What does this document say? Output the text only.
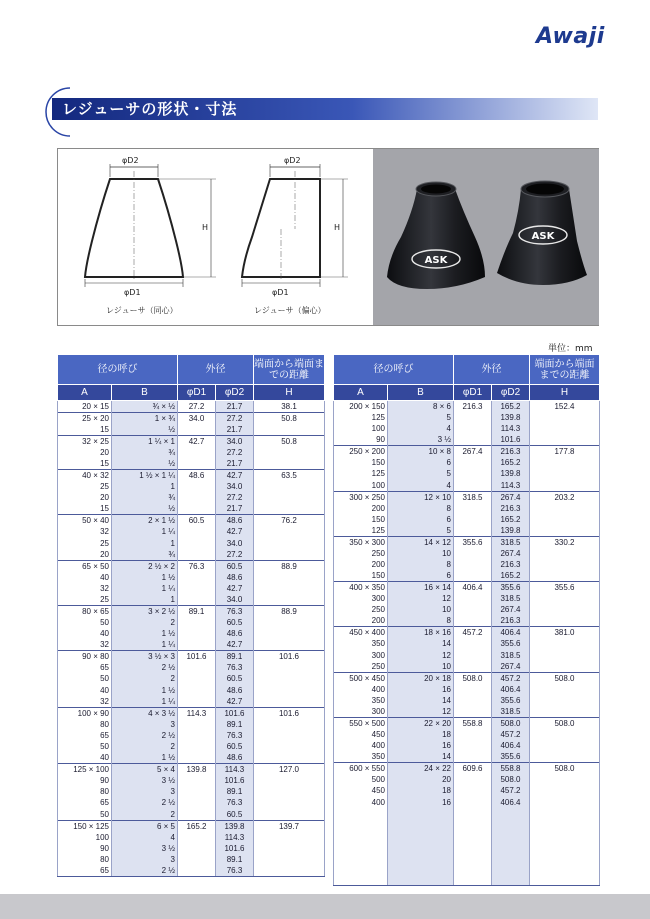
Awaji
レジューサの形状・寸法
φD2
φD1
H
レジューサ（同心）
φD2
φD1
H
レジューサ（偏心）
ASK
ASK
単位：mm
径の呼び		外径		端面から端面までの距離
A	B	φD1	φD2	H
20 × 15	¾ × ½	27.2	21.7	38.1
25 × 20	1 × ¾	34.0	27.2	50.8
15	½		21.7	
32 × 25	1 ¼ × 1	42.7	34.0	50.8
20	¾		27.2	
15	½		21.7	
40 × 32	1 ½ × 1 ¼	48.6	42.7	63.5
25	1		34.0	
20	¾		27.2	
15	½		21.7	
50 × 40	2 × 1 ½	60.5	48.6	76.2
32	1 ¼		42.7	
25	1		34.0	
20	¾		27.2	
65 × 50	2 ½ × 2	76.3	60.5	88.9
40	1 ½		48.6	
32	1 ¼		42.7	
25	1		34.0	
80 × 65	3 × 2 ½	89.1	76.3	88.9
50	2		60.5	
40	1 ½		48.6	
32	1 ¼		42.7	
90 × 80	3 ½ × 3	101.6	89.1	101.6
65	2 ½		76.3	
50	2		60.5	
40	1 ½		48.6	
32	1 ¼		42.7	
100 × 90	4 × 3 ½	114.3	101.6	101.6
80	3		89.1	
65	2 ½		76.3	
50	2		60.5	
40	1 ½		48.6	
125 × 100	5 × 4	139.8	114.3	127.0
90	3 ½		101.6	
80	3		89.1	
65	2 ½		76.3	
50	2		60.5	
150 × 125	6 × 5	165.2	139.8	139.7
100	4		114.3	
90	3 ½		101.6	
80	3		89.1	
65	2 ½		76.3	
径の呼び		外径		端面から端面までの距離
A	B	φD1	φD2	H
200 × 150	8 × 6	216.3	165.2	152.4
125	5		139.8	
100	4		114.3	
90	3 ½		101.6	
250 × 200	10 × 8	267.4	216.3	177.8
150	6		165.2	
125	5		139.8	
100	4		114.3	
300 × 250	12 × 10	318.5	267.4	203.2
200	8		216.3	
150	6		165.2	
125	5		139.8	
350 × 300	14 × 12	355.6	318.5	330.2
250	10		267.4	
200	8		216.3	
150	6		165.2	
400 × 350	16 × 14	406.4	355.6	355.6
300	12		318.5	
250	10		267.4	
200	8		216.3	
450 × 400	18 × 16	457.2	406.4	381.0
350	14		355.6	
300	12		318.5	
250	10		267.4	
500 × 450	20 × 18	508.0	457.2	508.0
400	16		406.4	
350	14		355.6	
300	12		318.5	
550 × 500	22 × 20	558.8	508.0	508.0
450	18		457.2	
400	16		406.4	
350	14		355.6	
600 × 550	24 × 22	609.6	558.8	508.0
500	20		508.0	
450	18		457.2	
400	16		406.4	
